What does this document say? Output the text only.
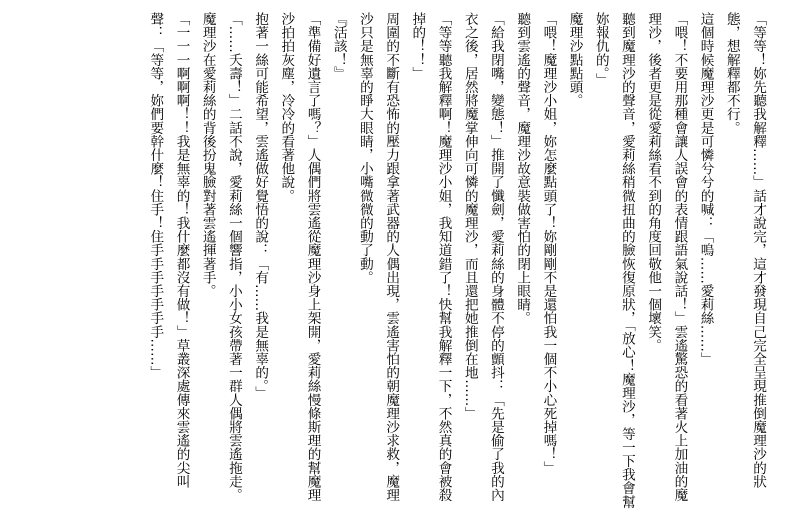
「等等！妳先聽我解釋……」話才說完，這才發現自己完全呈現推倒魔理沙的狀態，想解釋都不行。

這個時候魔理沙更是可憐兮兮的喊：「嗚……愛莉絲……」

「喂！不要用那種會讓人誤會的表情跟語氣說話！」雲遙驚恐的看著火上加油的魔理沙，後者更是從愛莉絲看不到的角度回敬他一個壞笑。

聽到魔理沙的聲音，愛莉絲稍微扭曲的臉恢復原狀，「放心！魔理沙，等一下我會幫妳報仇的。」

魔理沙點點頭。

「喂！魔理沙小姐，妳怎麼點頭了！妳剛剛不是還怕我一個不小心死掉嗎！」

聽到雲遙的聲音，魔理沙故意裝做害怕的閉上眼睛。

「給我閉嘴，變態！」推開了懺劍，愛莉絲的身體不停的顫抖：「先是偷了我的內衣之後，居然將魔掌伸向可憐的魔理沙，而且還把她推倒在地……」

「等等聽我解釋啊！魔理沙小姐，我知道錯了！快幫我解釋一下，不然真的會被殺掉的！！」

周圍的不斷有恐怖的壓力跟拿著武器的人偶出現，雲遙害怕的朝魔理沙求救，魔理沙只是無辜的睜大眼睛，小嘴微微的動了動。

『活該！』

「準備好遺言了嗎？」人偶們將雲遙從魔理沙身上架開，愛莉絲慢條斯理的幫魔理沙拍拍灰塵，冷冷的看著他說。

抱著一絲可能希望，雲遙做好覺悟的說：「有……我是無辜的。」

「……夭壽！」二話不說，愛莉絲一個響指，小小女孩帶著一群人偶將雲遙拖走。

魔理沙在愛莉絲的背後扮鬼臉對著雲遙揮著手。

「一一一啊啊啊！！我是無辜的！我什麼都沒有做！」草叢深處傳來雲遙的尖叫聲：「等等，妳們要幹什麼！住手！住手手手手手手手……」
